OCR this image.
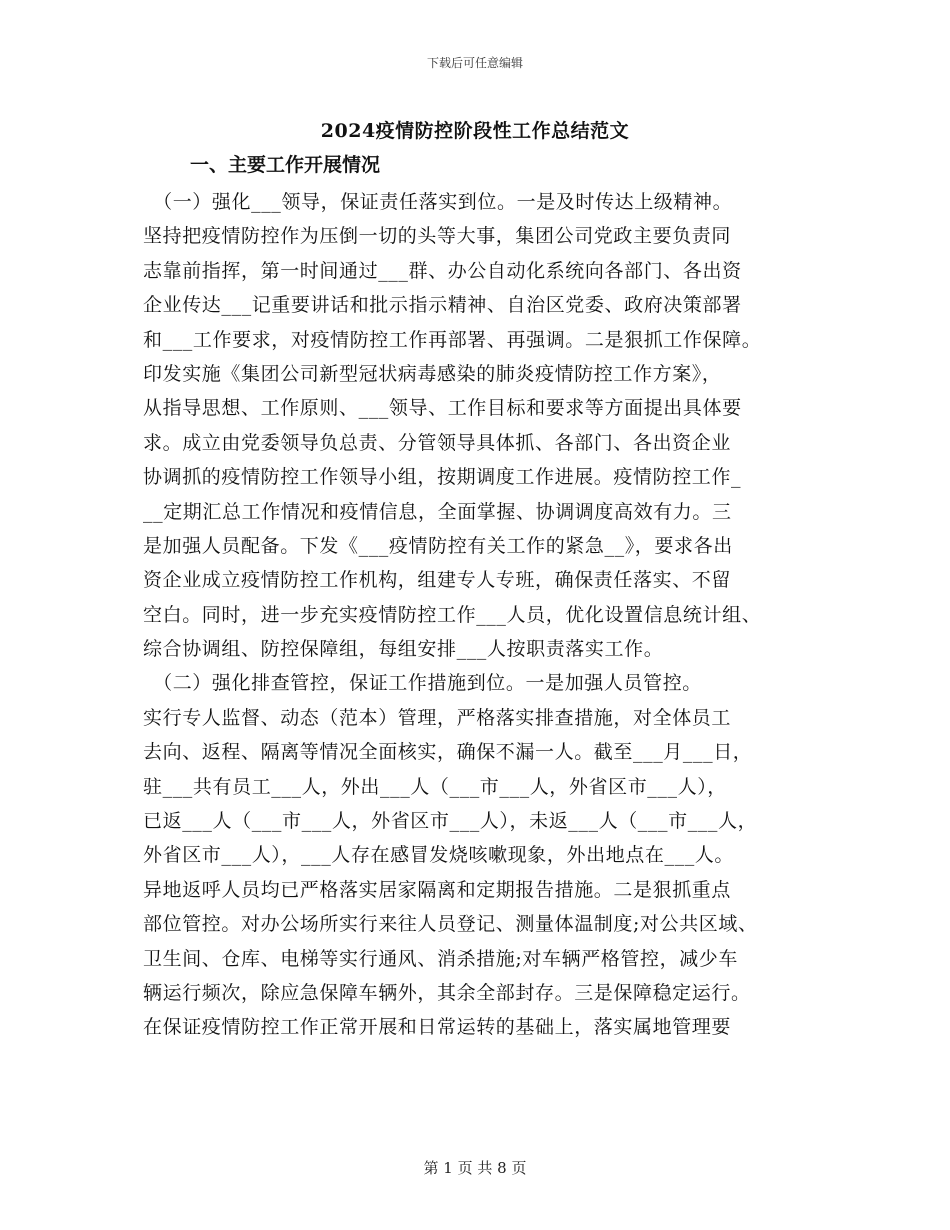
下载后可任意编辑
2024疫情防控阶段性工作总结范文
一、主要工作开展情况
　（一）强化___领导，保证责任落实到位。一是及时传达上级精神。
坚持把疫情防控作为压倒一切的头等大事，集团公司党政主要负责同
志靠前指挥，第一时间通过___群、办公自动化系统向各部门、各出资
企业传达___记重要讲话和批示指示精神、自治区党委、政府决策部署
和___工作要求，对疫情防控工作再部署、再强调。二是狠抓工作保障。
印发实施《集团公司新型冠状病毒感染的肺炎疫情防控工作方案》，
从指导思想、工作原则、___领导、工作目标和要求等方面提出具体要
求。成立由党委领导负总责、分管领导具体抓、各部门、各出资企业
协调抓的疫情防控工作领导小组，按期调度工作进展。疫情防控工作_
__定期汇总工作情况和疫情信息，全面掌握、协调调度高效有力。三
是加强人员配备。下发《___疫情防控有关工作的紧急__》，要求各出
资企业成立疫情防控工作机构，组建专人专班，确保责任落实、不留
空白。同时，进一步充实疫情防控工作___人员，优化设置信息统计组、
综合协调组、防控保障组，每组安排___人按职责落实工作。
　（二）强化排查管控，保证工作措施到位。一是加强人员管控。
实行专人监督、动态（范本）管理，严格落实排查措施，对全体员工
去向、返程、隔离等情况全面核实，确保不漏一人。截至___月___日，
驻___共有员工___人，外出___人（___市___人，外省区市___人），
已返___人（___市___人，外省区市___人），未返___人（___市___人，
外省区市___人），___人存在感冒发烧咳嗽现象，外出地点在___人。
异地返呼人员均已严格落实居家隔离和定期报告措施。二是狠抓重点
部位管控。对办公场所实行来往人员登记、测量体温制度;对公共区域、
卫生间、仓库、电梯等实行通风、消杀措施;对车辆严格管控，减少车
辆运行频次，除应急保障车辆外，其余全部封存。三是保障稳定运行。
在保证疫情防控工作正常开展和日常运转的基础上，落实属地管理要
第 1 页 共 8 页
